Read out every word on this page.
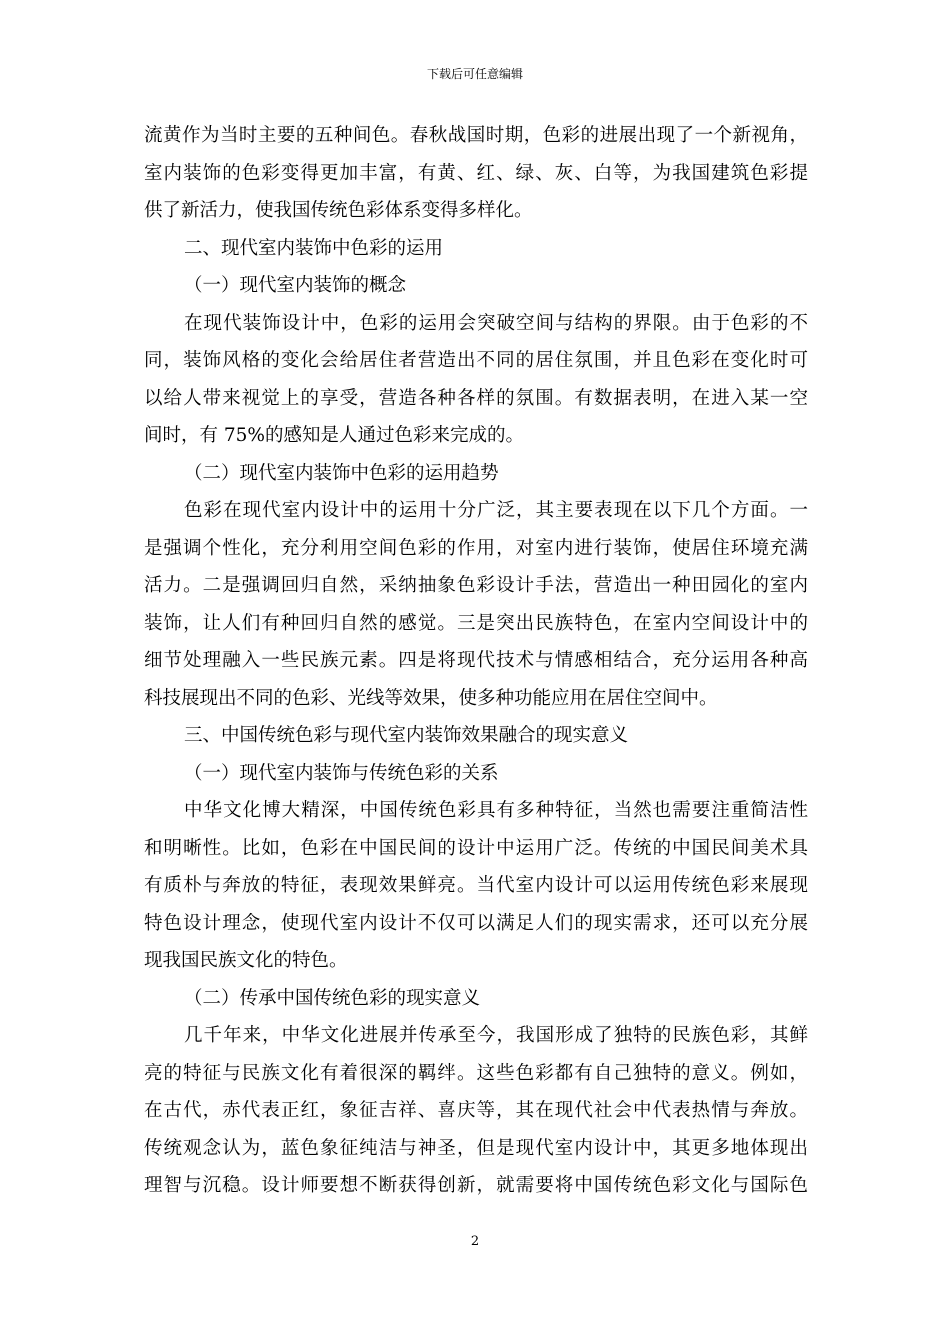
下载后可任意编辑
流黄作为当时主要的五种间色。春秋战国时期，色彩的进展出现了一个新视角，
室内装饰的色彩变得更加丰富，有黄、红、绿、灰、白等，为我国建筑色彩提
供了新活力，使我国传统色彩体系变得多样化。
二、现代室内装饰中色彩的运用
（一）现代室内装饰的概念
在现代装饰设计中，色彩的运用会突破空间与结构的界限。由于色彩的不
同，装饰风格的变化会给居住者营造出不同的居住氛围，并且色彩在变化时可
以给人带来视觉上的享受，营造各种各样的氛围。有数据表明，在进入某一空
间时，有 75%的感知是人通过色彩来完成的。
（二）现代室内装饰中色彩的运用趋势
色彩在现代室内设计中的运用十分广泛，其主要表现在以下几个方面。一
是强调个性化，充分利用空间色彩的作用，对室内进行装饰，使居住环境充满
活力。二是强调回归自然，采纳抽象色彩设计手法，营造出一种田园化的室内
装饰，让人们有种回归自然的感觉。三是突出民族特色，在室内空间设计中的
细节处理融入一些民族元素。四是将现代技术与情感相结合，充分运用各种高
科技展现出不同的色彩、光线等效果，使多种功能应用在居住空间中。
三、中国传统色彩与现代室内装饰效果融合的现实意义
（一）现代室内装饰与传统色彩的关系
中华文化博大精深，中国传统色彩具有多种特征，当然也需要注重简洁性
和明晰性。比如，色彩在中国民间的设计中运用广泛。传统的中国民间美术具
有质朴与奔放的特征，表现效果鲜亮。当代室内设计可以运用传统色彩来展现
特色设计理念，使现代室内设计不仅可以满足人们的现实需求，还可以充分展
现我国民族文化的特色。
（二）传承中国传统色彩的现实意义
几千年来，中华文化进展并传承至今，我国形成了独特的民族色彩，其鲜
亮的特征与民族文化有着很深的羁绊。这些色彩都有自己独特的意义。例如，
在古代，赤代表正红，象征吉祥、喜庆等，其在现代社会中代表热情与奔放。
传统观念认为，蓝色象征纯洁与神圣，但是现代室内设计中，其更多地体现出
理智与沉稳。设计师要想不断获得创新，就需要将中国传统色彩文化与国际色
2
